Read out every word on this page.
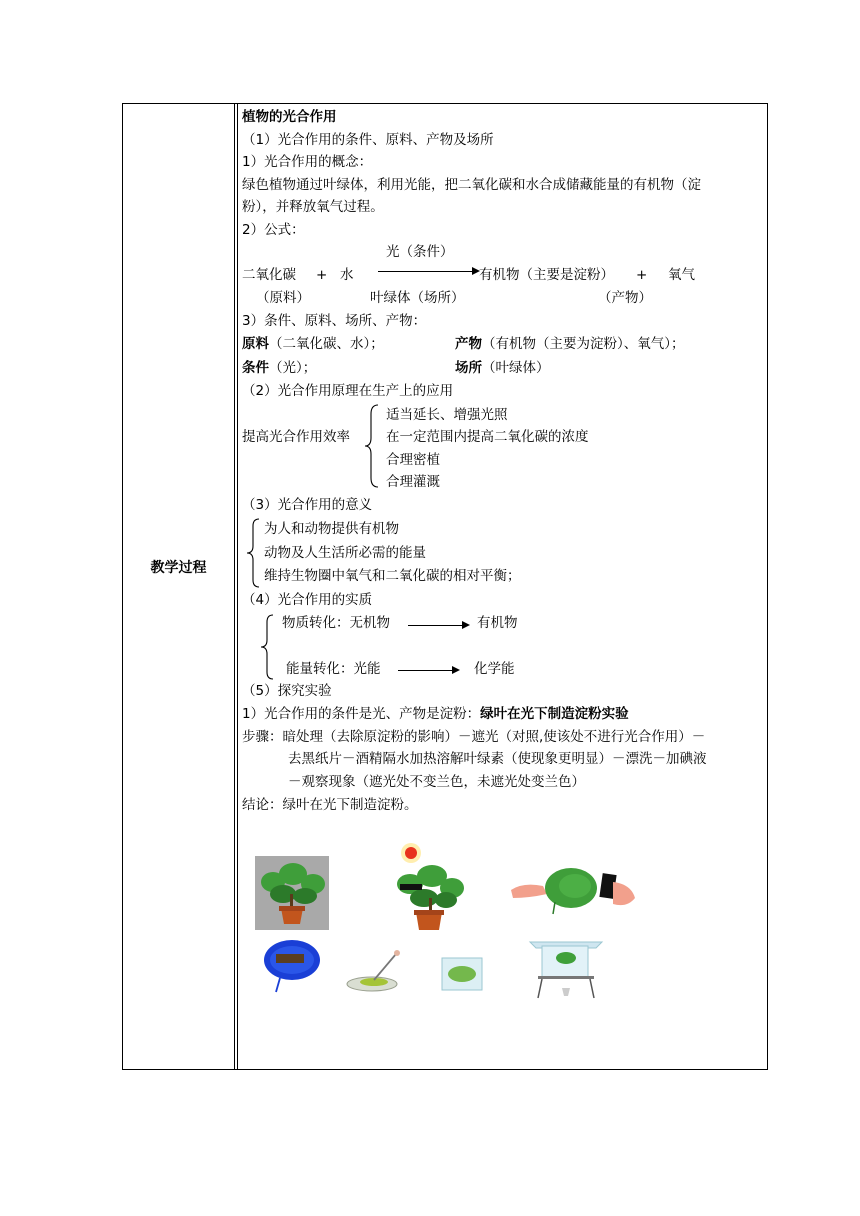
教学过程
植物的光合作用
（1）光合作用的条件、原料、产物及场所
1）光合作用的概念：
绿色植物通过叶绿体，利用光能，把二氧化碳和水合成储藏能量的有机物（淀
粉），并释放氧气过程。
2）公式：
光（条件）
二氧化碳 + 水	有机物（主要是淀粉） + 氧气
（原料）	叶绿体（场所）	（产物）
3）条件、原料、场所、产物：
原料（二氧化碳、水）；	产物（有机物（主要为淀粉）、氧气）；
条件（光）；	场所（叶绿体）
（2）光合作用原理在生产上的应用
提高光合作用效率
适当延长、增强光照
在一定范围内提高二氧化碳的浓度
合理密植
合理灌溉
（3）光合作用的意义
为人和动物提供有机物
动物及人生活所必需的能量
维持生物圈中氧气和二氧化碳的相对平衡；
（4）光合作用的实质
物质转化：无机物	有机物
能量转化：光能	化学能
（5）探究实验
1）光合作用的条件是光、产物是淀粉：绿叶在光下制造淀粉实验
步骤：暗处理（去除原淀粉的影响）－遮光（对照,使该处不进行光合作用）－
去黑纸片－酒精隔水加热溶解叶绿素（使现象更明显）－漂洗－加碘液
－观察现象（遮光处不变兰色，未遮光处变兰色）
结论：绿叶在光下制造淀粉。
